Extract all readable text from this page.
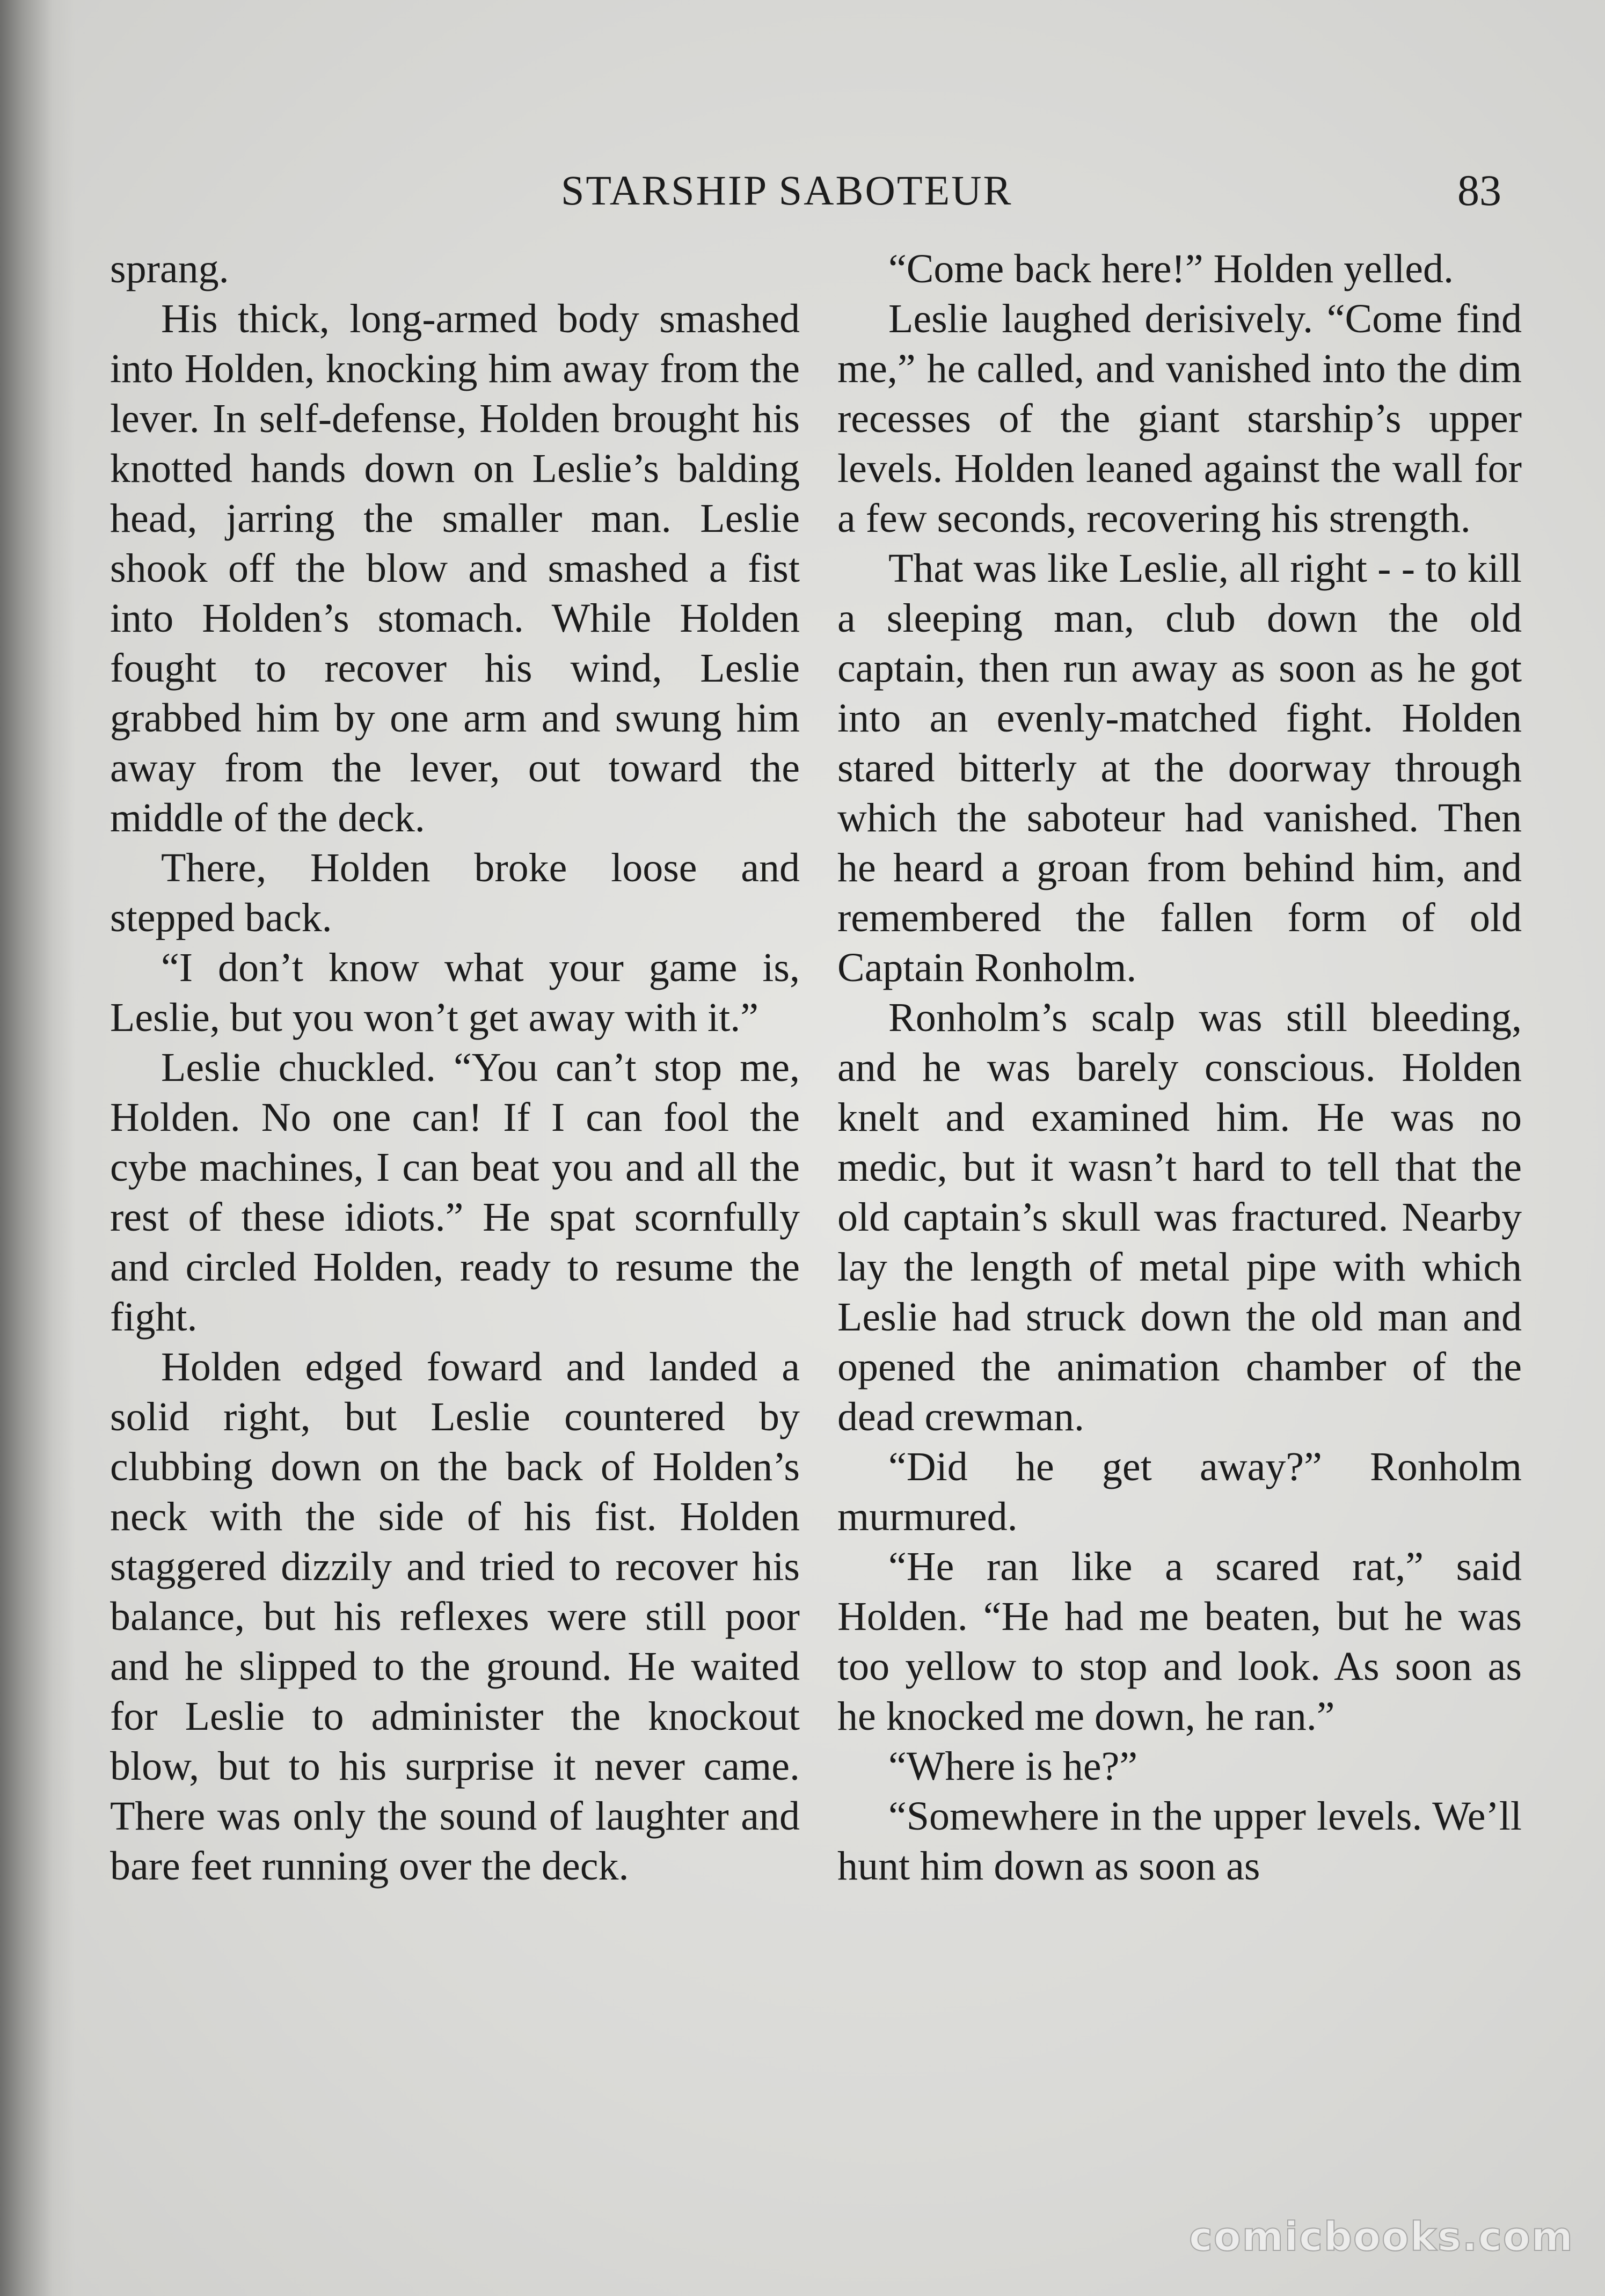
STARSHIP SABOTEUR	83

sprang.

His thick, long-armed body smashed into Holden, knocking him away from the lever. In self-defense, Holden brought his knotted hands down on Leslie’s balding head, jarring the smaller man. Leslie shook off the blow and smashed a fist into Holden’s stomach. While Holden fought to recover his wind, Leslie grabbed him by one arm and swung him away from the lever, out toward the middle of the deck.

There, Holden broke loose and stepped back.

“I don’t know what your game is, Leslie, but you won’t get away with it.”

Leslie chuckled. “You can’t stop me, Holden. No one can! If I can fool the cybe machines, I can beat you and all the rest of these idiots.” He spat scornfully and circled Holden, ready to resume the fight.

Holden edged foward and landed a solid right, but Leslie countered by clubbing down on the back of Holden’s neck with the side of his fist. Holden staggered dizzily and tried to recover his balance, but his reflexes were still poor and he slipped to the ground. He waited for Leslie to administer the knockout blow, but to his surprise it never came. There was only the sound of laughter and bare feet running over the deck.

“Come back here!” Holden yelled.

Leslie laughed derisively. “Come find me,” he called, and vanished into the dim recesses of the giant starship’s upper levels. Holden leaned against the wall for a few seconds, recovering his strength.

That was like Leslie, all right - - to kill a sleeping man, club down the old captain, then run away as soon as he got into an evenly-matched fight. Holden stared bitterly at the doorway through which the saboteur had vanished. Then he heard a groan from behind him, and remembered the fallen form of old Captain Ronholm.

Ronholm’s scalp was still bleeding, and he was barely conscious. Holden knelt and examined him. He was no medic, but it wasn’t hard to tell that the old captain’s skull was fractured. Nearby lay the length of metal pipe with which Leslie had struck down the old man and opened the animation chamber of the dead crewman.

“Did he get away?” Ronholm murmured.

“He ran like a scared rat,” said Holden. “He had me beaten, but he was too yellow to stop and look. As soon as he knocked me down, he ran.”

“Where is he?”

“Somewhere in the upper levels. We’ll hunt him down as soon as

comicbooks.com
